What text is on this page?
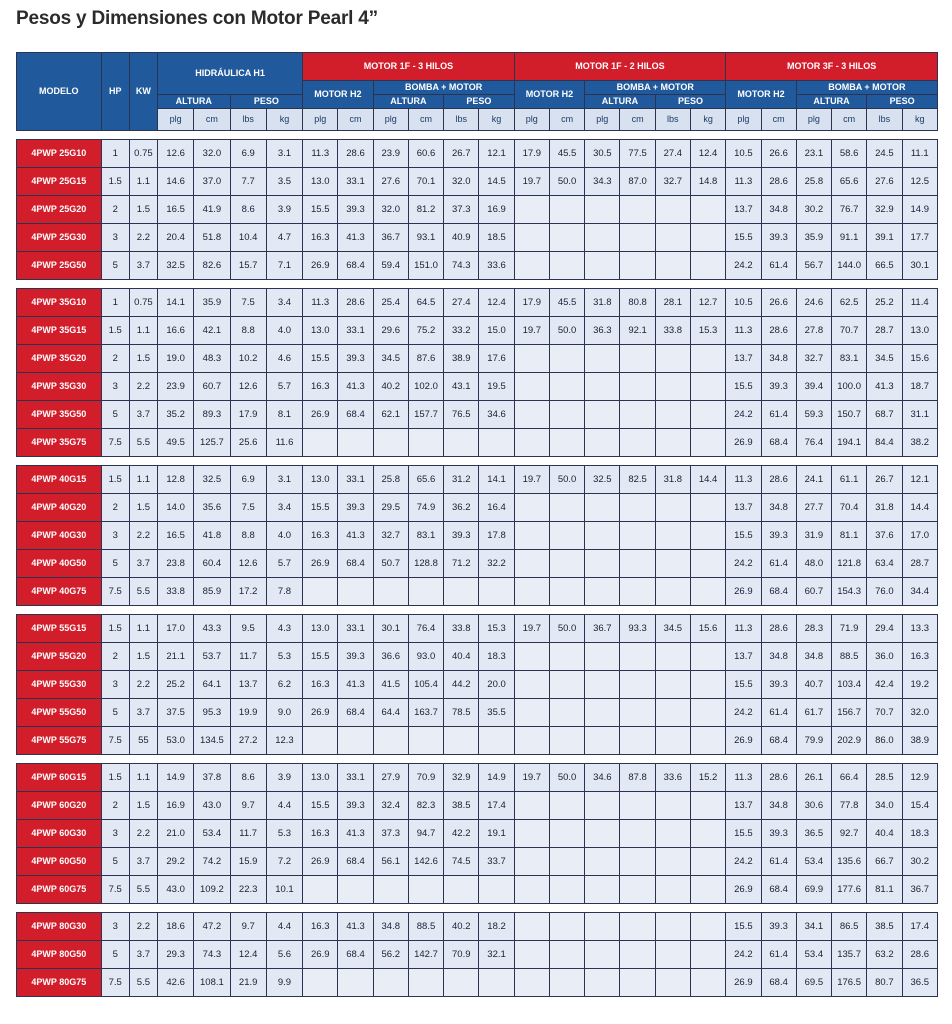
Pesos y Dimensiones con Motor Pearl 4”
MODELO	HP	KW	HIDRÁULICA H1				MOTOR 1F - 3 HILOS						MOTOR 1F - 2 HILOS						MOTOR 3F - 3 HILOS					
							MOTOR H2		BOMBA + MOTOR				MOTOR H2		BOMBA + MOTOR				MOTOR H2		BOMBA + MOTOR			
			ALTURA		PESO				ALTURA		PESO				ALTURA		PESO				ALTURA		PESO	
			plg	cm	lbs	kg	plg	cm	plg	cm	lbs	kg	plg	cm	plg	cm	lbs	kg	plg	cm	plg	cm	lbs	kg

4PWP 25G10	1	0.75	12.6	32.0	6.9	3.1	11.3	28.6	23.9	60.6	26.7	12.1	17.9	45.5	30.5	77.5	27.4	12.4	10.5	26.6	23.1	58.6	24.5	11.1
4PWP 25G15	1.5	1.1	14.6	37.0	7.7	3.5	13.0	33.1	27.6	70.1	32.0	14.5	19.7	50.0	34.3	87.0	32.7	14.8	11.3	28.6	25.8	65.6	27.6	12.5
4PWP 25G20	2	1.5	16.5	41.9	8.6	3.9	15.5	39.3	32.0	81.2	37.3	16.9							13.7	34.8	30.2	76.7	32.9	14.9
4PWP 25G30	3	2.2	20.4	51.8	10.4	4.7	16.3	41.3	36.7	93.1	40.9	18.5							15.5	39.3	35.9	91.1	39.1	17.7
4PWP 25G50	5	3.7	32.5	82.6	15.7	7.1	26.9	68.4	59.4	151.0	74.3	33.6							24.2	61.4	56.7	144.0	66.5	30.1

4PWP 35G10	1	0.75	14.1	35.9	7.5	3.4	11.3	28.6	25.4	64.5	27.4	12.4	17.9	45.5	31.8	80.8	28.1	12.7	10.5	26.6	24.6	62.5	25.2	11.4
4PWP 35G15	1.5	1.1	16.6	42.1	8.8	4.0	13.0	33.1	29.6	75.2	33.2	15.0	19.7	50.0	36.3	92.1	33.8	15.3	11.3	28.6	27.8	70.7	28.7	13.0
4PWP 35G20	2	1.5	19.0	48.3	10.2	4.6	15.5	39.3	34.5	87.6	38.9	17.6							13.7	34.8	32.7	83.1	34.5	15.6
4PWP 35G30	3	2.2	23.9	60.7	12.6	5.7	16.3	41.3	40.2	102.0	43.1	19.5							15.5	39.3	39.4	100.0	41.3	18.7
4PWP 35G50	5	3.7	35.2	89.3	17.9	8.1	26.9	68.4	62.1	157.7	76.5	34.6							24.2	61.4	59.3	150.7	68.7	31.1
4PWP 35G75	7.5	5.5	49.5	125.7	25.6	11.6													26.9	68.4	76.4	194.1	84.4	38.2

4PWP 40G15	1.5	1.1	12.8	32.5	6.9	3.1	13.0	33.1	25.8	65.6	31.2	14.1	19.7	50.0	32.5	82.5	31.8	14.4	11.3	28.6	24.1	61.1	26.7	12.1
4PWP 40G20	2	1.5	14.0	35.6	7.5	3.4	15.5	39.3	29.5	74.9	36.2	16.4							13.7	34.8	27.7	70.4	31.8	14.4
4PWP 40G30	3	2.2	16.5	41.8	8.8	4.0	16.3	41.3	32.7	83.1	39.3	17.8							15.5	39.3	31.9	81.1	37.6	17.0
4PWP 40G50	5	3.7	23.8	60.4	12.6	5.7	26.9	68.4	50.7	128.8	71.2	32.2							24.2	61.4	48.0	121.8	63.4	28.7
4PWP 40G75	7.5	5.5	33.8	85.9	17.2	7.8													26.9	68.4	60.7	154.3	76.0	34.4

4PWP 55G15	1.5	1.1	17.0	43.3	9.5	4.3	13.0	33.1	30.1	76.4	33.8	15.3	19.7	50.0	36.7	93.3	34.5	15.6	11.3	28.6	28.3	71.9	29.4	13.3
4PWP 55G20	2	1.5	21.1	53.7	11.7	5.3	15.5	39.3	36.6	93.0	40.4	18.3							13.7	34.8	34.8	88.5	36.0	16.3
4PWP 55G30	3	2.2	25.2	64.1	13.7	6.2	16.3	41.3	41.5	105.4	44.2	20.0							15.5	39.3	40.7	103.4	42.4	19.2
4PWP 55G50	5	3.7	37.5	95.3	19.9	9.0	26.9	68.4	64.4	163.7	78.5	35.5							24.2	61.4	61.7	156.7	70.7	32.0
4PWP 55G75	7.5	55	53.0	134.5	27.2	12.3													26.9	68.4	79.9	202.9	86.0	38.9

4PWP 60G15	1.5	1.1	14.9	37.8	8.6	3.9	13.0	33.1	27.9	70.9	32.9	14.9	19.7	50.0	34.6	87.8	33.6	15.2	11.3	28.6	26.1	66.4	28.5	12.9
4PWP 60G20	2	1.5	16.9	43.0	9.7	4.4	15.5	39.3	32.4	82.3	38.5	17.4							13.7	34.8	30.6	77.8	34.0	15.4
4PWP 60G30	3	2.2	21.0	53.4	11.7	5.3	16.3	41.3	37.3	94.7	42.2	19.1							15.5	39.3	36.5	92.7	40.4	18.3
4PWP 60G50	5	3.7	29.2	74.2	15.9	7.2	26.9	68.4	56.1	142.6	74.5	33.7							24.2	61.4	53.4	135.6	66.7	30.2
4PWP 60G75	7.5	5.5	43.0	109.2	22.3	10.1													26.9	68.4	69.9	177.6	81.1	36.7

4PWP 80G30	3	2.2	18.6	47.2	9.7	4.4	16.3	41.3	34.8	88.5	40.2	18.2							15.5	39.3	34.1	86.5	38.5	17.4
4PWP 80G50	5	3.7	29.3	74.3	12.4	5.6	26.9	68.4	56.2	142.7	70.9	32.1							24.2	61.4	53.4	135.7	63.2	28.6
4PWP 80G75	7.5	5.5	42.6	108.1	21.9	9.9													26.9	68.4	69.5	176.5	80.7	36.5
